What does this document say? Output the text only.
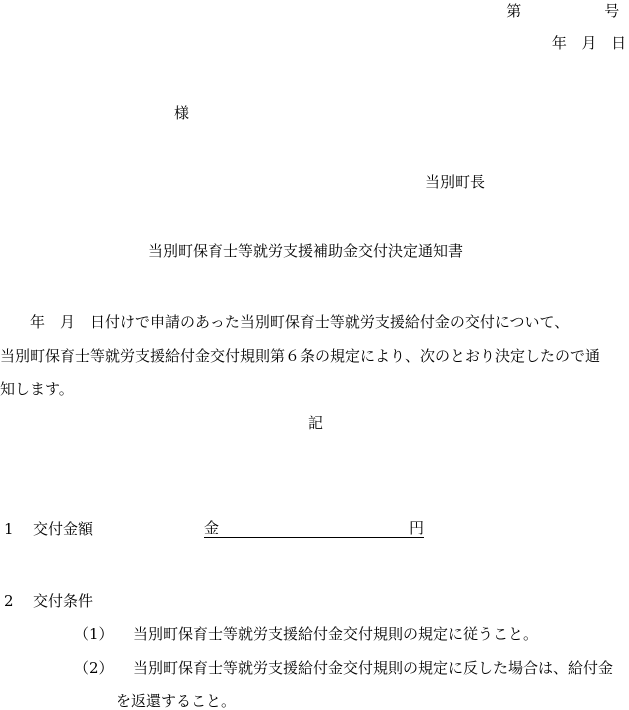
第

　	号
年
　 月
　 日
様
当別町長
当別町保育士等就労支援補助金交付決定通知書
　　年　月　日付けで申請のあった当別町保育士等就労支援給付金の交付について、
当別町保育士等就労支援給付金交付規則第６条の規定により、次のとおり決定したので通
知します。
記
1 交付金額	金	円
2 交付条件
（1） 当別町保育士等就労支援給付金交付規則の規定に従うこと。
（2） 当別町保育士等就労支援給付金交付規則の規定に反した場合は、給付金
を返還すること。
